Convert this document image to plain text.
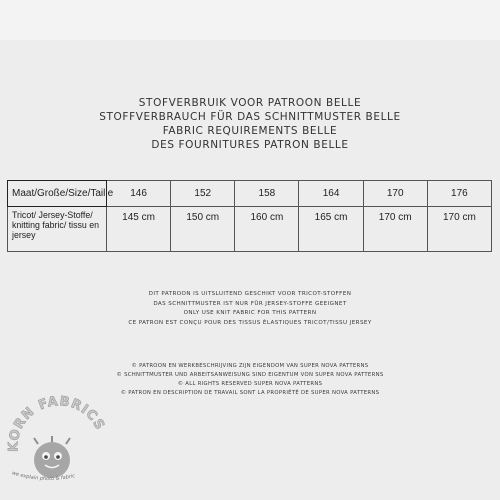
STOFVERBRUIK VOOR PATROON BELLE
STOFFVERBRAUCH FÜR DAS SCHNITTMUSTER BELLE
FABRIC REQUIREMENTS BELLE
DES FOURNITURES PATRON BELLE
Maat/Große/Size/Taille	146	152	158	164	170	176
Tricot/ Jersey-Stoffe/ knitting fabric/ tissu en jersey	145 cm	150 cm	160 cm	165 cm	170 cm	170 cm
DIT PATROON IS UITSLUITEND GESCHIKT VOOR TRICOT-STOFFEN
DAS SCHNITTMUSTER IST NUR FÜR JERSEY-STOFFE GEEIGNET
ONLY USE KNIT FABRIC FOR THIS PATTERN
CE PATRON EST CONÇU POUR DES TISSUS ÉLASTIQUES TRICOT/TISSU JERSEY
© PATROON EN WERKBESCHRIJVING ZIJN EIGENDOM VAN SUPER NOVA PATTERNS
© SCHNITTMUSTER UND ARBEITSANWEISUNG SIND EIGENTUM VON SUPER NOVA PATTERNS
© ALL RIGHTS RESERVED SUPER NOVA PATTERNS
© PATRON EN DESCRIPTION DE TRAVAIL SONT LA PROPRIÉTÉ DE SUPER NOVA PATTERNS
KORN FABRICS
we explain photo & fabric
